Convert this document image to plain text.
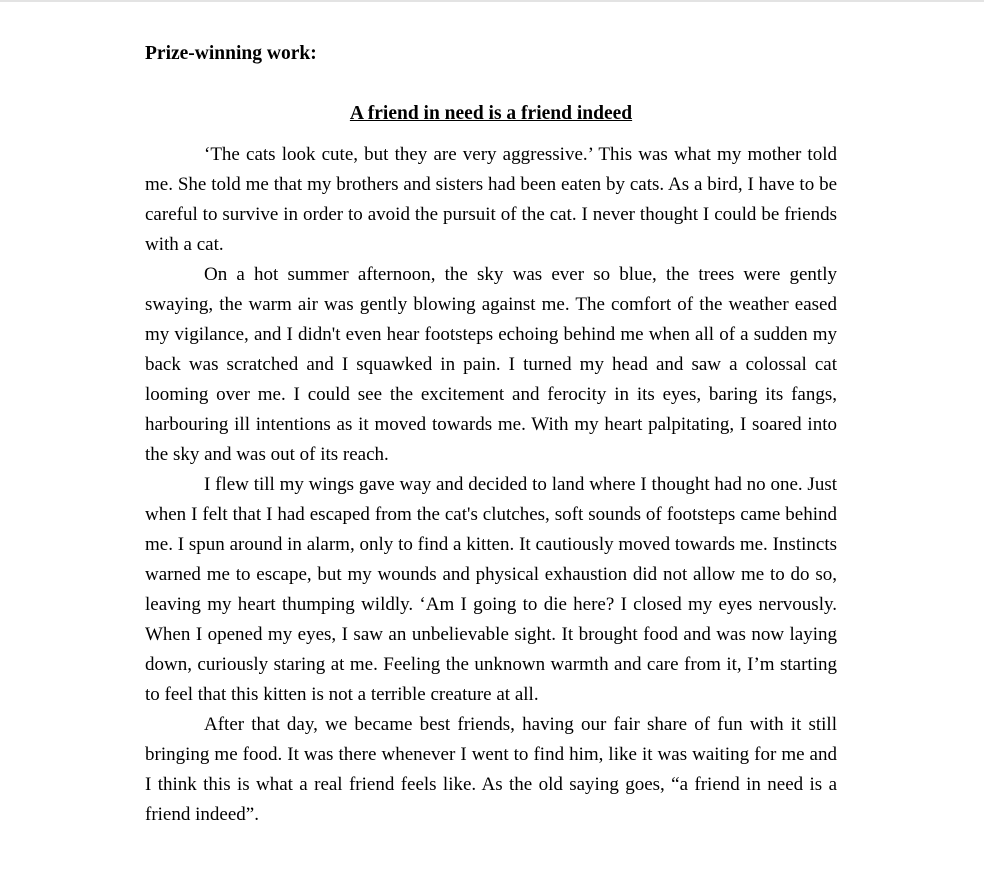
Prize-winning work:

A friend in need is a friend indeed

‘The cats look cute, but they are very aggressive.’ This was what my mother told me. She told me that my brothers and sisters had been eaten by cats. As a bird, I have to be careful to survive in order to avoid the pursuit of the cat. I never thought I could be friends with a cat.

On a hot summer afternoon, the sky was ever so blue, the trees were gently swaying, the warm air was gently blowing against me. The comfort of the weather eased my vigilance, and I didn't even hear footsteps echoing behind me when all of a sudden my back was scratched and I squawked in pain. I turned my head and saw a colossal cat looming over me. I could see the excitement and ferocity in its eyes, baring its fangs, harbouring ill intentions as it moved towards me. With my heart palpitating, I soared into the sky and was out of its reach.

I flew till my wings gave way and decided to land where I thought had no one. Just when I felt that I had escaped from the cat's clutches, soft sounds of footsteps came behind me. I spun around in alarm, only to find a kitten. It cautiously moved towards me. Instincts warned me to escape, but my wounds and physical exhaustion did not allow me to do so, leaving my heart thumping wildly. ‘Am I going to die here? I closed my eyes nervously. When I opened my eyes, I saw an unbelievable sight. It brought food and was now laying down, curiously staring at me. Feeling the unknown warmth and care from it, I’m starting to feel that this kitten is not a terrible creature at all.

After that day, we became best friends, having our fair share of fun with it still bringing me food. It was there whenever I went to find him, like it was waiting for me and I think this is what a real friend feels like. As the old saying goes, “a friend in need is a friend indeed”.
